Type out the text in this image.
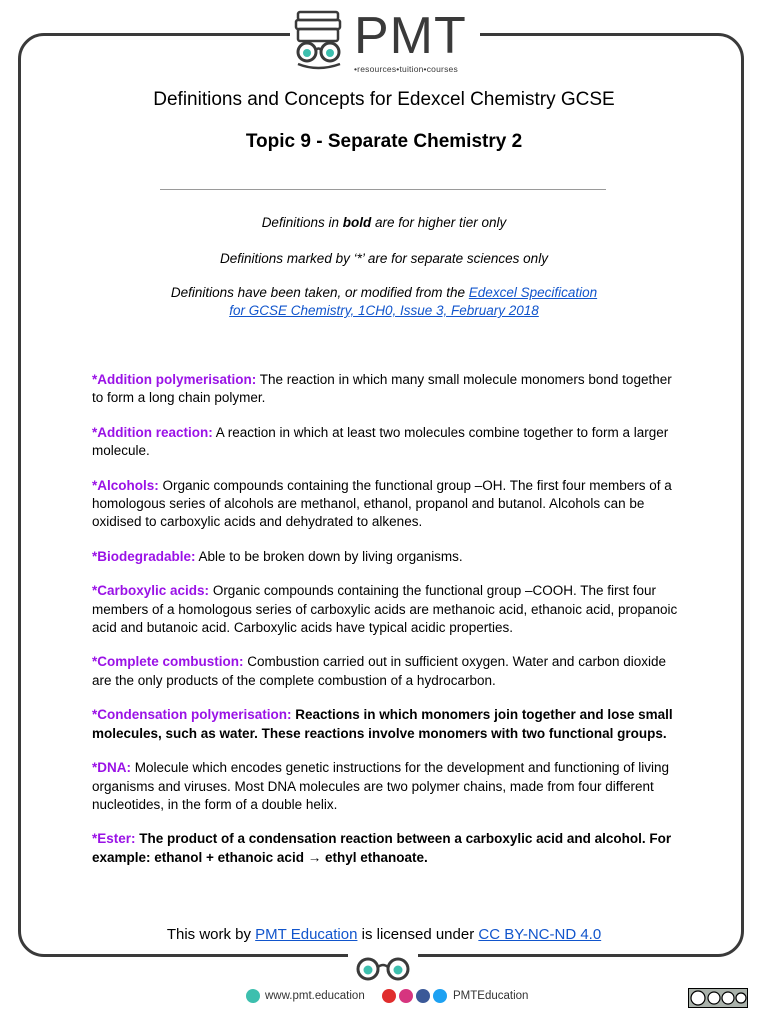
PMT
•resources•tuition•courses
Definitions and Concepts for Edexcel Chemistry GCSE
Topic 9 - Separate Chemistry 2
Definitions in bold are for higher tier only
Definitions marked by ‘*’ are for separate sciences only
Definitions have been taken, or modified from the Edexcel Specification
for GCSE Chemistry, 1CH0, Issue 3, February 2018

*Addition polymerisation: The reaction in which many small molecule monomers bond together to form a long chain polymer.

*Addition reaction: A reaction in which at least two molecules combine together to form a larger molecule.

*Alcohols: Organic compounds containing the functional group –OH. The first four members of a homologous series of alcohols are methanol, ethanol, propanol and butanol. Alcohols can be oxidised to carboxylic acids and dehydrated to alkenes.

*Biodegradable: Able to be broken down by living organisms.

*Carboxylic acids: Organic compounds containing the functional group –COOH. The first four members of a homologous series of carboxylic acids are methanoic acid, ethanoic acid, propanoic acid and butanoic acid. Carboxylic acids have typical acidic properties.

*Complete combustion: Combustion carried out in sufficient oxygen. Water and carbon dioxide are the only products of the complete combustion of a hydrocarbon.

*Condensation polymerisation: Reactions in which monomers join together and lose small molecules, such as water. These reactions involve monomers with two functional groups.

*DNA: Molecule which encodes genetic instructions for the development and functioning of living organisms and viruses. Most DNA molecules are two polymer chains, made from four different nucleotides, in the form of a double helix.

*Ester: The product of a condensation reaction between a carboxylic acid and alcohol. For example: ethanol + ethanoic acid → ethyl ethanoate.

This work by PMT Education is licensed under CC BY-NC-ND 4.0
www.pmt.education	PMTEducation
